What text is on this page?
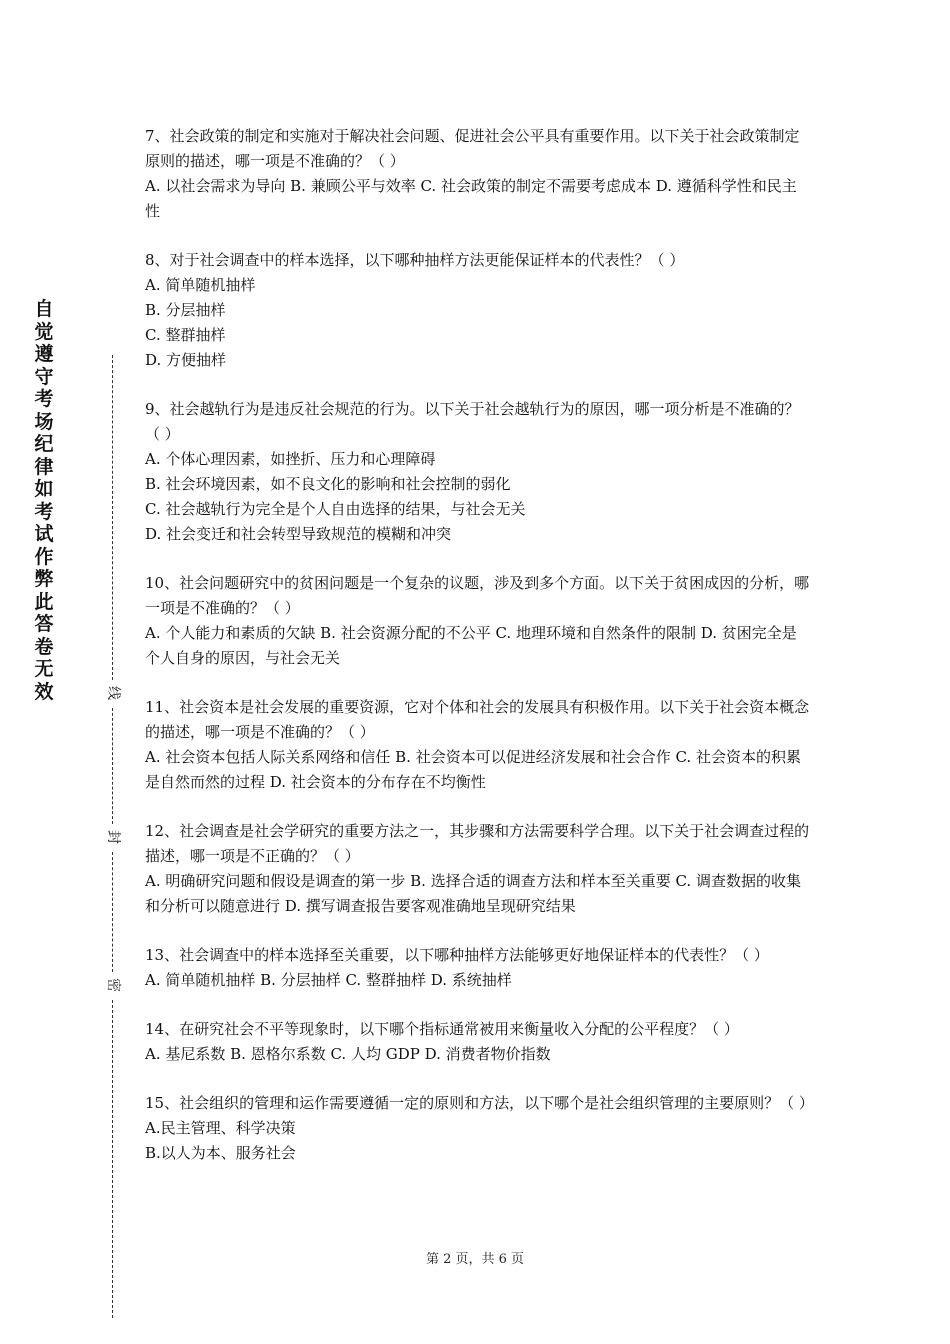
自觉遵守考场纪律如考试作弊此答卷无效	线
封
密

7、社会政策的制定和实施对于解决社会问题、促进社会公平具有重要作用。以下关于社会政策制定原则的描述，哪一项是不准确的？（ ）

A. 以社会需求为导向 B. 兼顾公平与效率 C. 社会政策的制定不需要考虑成本 D. 遵循科学性和民主性

8、对于社会调查中的样本选择，以下哪种抽样方法更能保证样本的代表性？（ ）

A. 简单随机抽样

B. 分层抽样

C. 整群抽样

D. 方便抽样

9、社会越轨行为是违反社会规范的行为。以下关于社会越轨行为的原因，哪一项分析是不准确的？（ ）

A. 个体心理因素，如挫折、压力和心理障碍

B. 社会环境因素，如不良文化的影响和社会控制的弱化

C. 社会越轨行为完全是个人自由选择的结果，与社会无关

D. 社会变迁和社会转型导致规范的模糊和冲突

10、社会问题研究中的贫困问题是一个复杂的议题，涉及到多个方面。以下关于贫困成因的分析，哪一项是不准确的？（ ）

A. 个人能力和素质的欠缺 B. 社会资源分配的不公平 C. 地理环境和自然条件的限制 D. 贫困完全是个人自身的原因，与社会无关

11、社会资本是社会发展的重要资源，它对个体和社会的发展具有积极作用。以下关于社会资本概念的描述，哪一项是不准确的？（ ）

A. 社会资本包括人际关系网络和信任 B. 社会资本可以促进经济发展和社会合作 C. 社会资本的积累是自然而然的过程 D. 社会资本的分布存在不均衡性

12、社会调查是社会学研究的重要方法之一，其步骤和方法需要科学合理。以下关于社会调查过程的描述，哪一项是不正确的？（ ）

A. 明确研究问题和假设是调查的第一步 B. 选择合适的调查方法和样本至关重要 C. 调查数据的收集和分析可以随意进行 D. 撰写调查报告要客观准确地呈现研究结果

13、社会调查中的样本选择至关重要，以下哪种抽样方法能够更好地保证样本的代表性？（ ）

A. 简单随机抽样 B. 分层抽样 C. 整群抽样 D. 系统抽样

14、在研究社会不平等现象时，以下哪个指标通常被用来衡量收入分配的公平程度？（ ）

A. 基尼系数 B. 恩格尔系数 C. 人均 GDP D. 消费者物价指数

15、社会组织的管理和运作需要遵循一定的原则和方法，以下哪个是社会组织管理的主要原则？（ ）

A.民主管理、科学决策

B.以人为本、服务社会

第 2 页，共 6 页
